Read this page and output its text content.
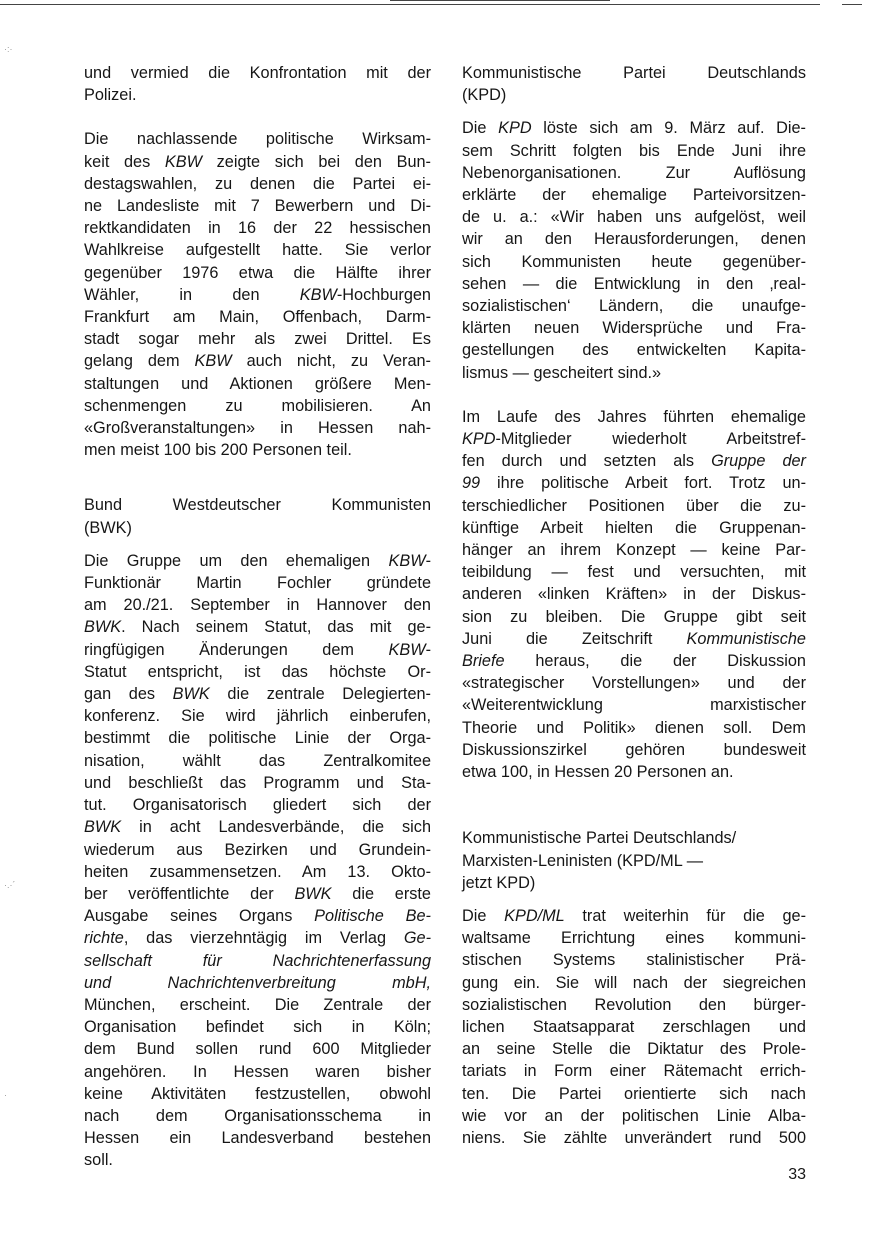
·:·
·.·´
·
und vermied die Konfrontation mit der
Polizei.
Die nachlassende politische Wirksam-
keit des KBW zeigte sich bei den Bun-
destagswahlen, zu denen die Partei ei-
ne Landesliste mit 7 Bewerbern und Di-
rektkandidaten in 16 der 22 hessischen
Wahlkreise aufgestellt hatte. Sie verlor
gegenüber 1976 etwa die Hälfte ihrer
Wähler, in den KBW-Hochburgen
Frankfurt am Main, Offenbach, Darm-
stadt sogar mehr als zwei Drittel. Es
gelang dem KBW auch nicht, zu Veran-
staltungen und Aktionen größere Men-
schenmengen zu mobilisieren. An
«Großveranstaltungen» in Hessen nah-
men meist 100 bis 200 Personen teil.
Bund Westdeutscher Kommunisten
(BWK)
Die Gruppe um den ehemaligen KBW-
Funktionär Martin Fochler gründete
am 20./21. September in Hannover den
BWK. Nach seinem Statut, das mit ge-
ringfügigen Änderungen dem KBW-
Statut entspricht, ist das höchste Or-
gan des BWK die zentrale Delegierten-
konferenz. Sie wird jährlich einberufen,
bestimmt die politische Linie der Orga-
nisation, wählt das Zentralkomitee
und beschließt das Programm und Sta-
tut. Organisatorisch gliedert sich der
BWK in acht Landesverbände, die sich
wiederum aus Bezirken und Grundein-
heiten zusammensetzen. Am 13. Okto-
ber veröffentlichte der BWK die erste
Ausgabe seines Organs Politische Be-
richte, das vierzehntägig im Verlag Ge-
sellschaft für Nachrichtenerfassung
und Nachrichtenverbreitung mbH,
München, erscheint. Die Zentrale der
Organisation befindet sich in Köln;
dem Bund sollen rund 600 Mitglieder
angehören. In Hessen waren bisher
keine Aktivitäten festzustellen, obwohl
nach dem Organisationsschema in
Hessen ein Landesverband bestehen
soll.
Kommunistische Partei Deutschlands
(KPD)
Die KPD löste sich am 9. März auf. Die-
sem Schritt folgten bis Ende Juni ihre
Nebenorganisationen. Zur Auflösung
erklärte der ehemalige Parteivorsitzen-
de u. a.: «Wir haben uns aufgelöst, weil
wir an den Herausforderungen, denen
sich Kommunisten heute gegenüber-
sehen — die Entwicklung in den ‚real-
sozialistischen‘ Ländern, die unaufge-
klärten neuen Widersprüche und Fra-
gestellungen des entwickelten Kapita-
lismus — gescheitert sind.»
Im Laufe des Jahres führten ehemalige
KPD-Mitglieder wiederholt Arbeitstref-
fen durch und setzten als Gruppe der
99 ihre politische Arbeit fort. Trotz un-
terschiedlicher Positionen über die zu-
künftige Arbeit hielten die Gruppenan-
hänger an ihrem Konzept — keine Par-
teibildung — fest und versuchten, mit
anderen «linken Kräften» in der Diskus-
sion zu bleiben. Die Gruppe gibt seit
Juni die Zeitschrift Kommunistische
Briefe heraus, die der Diskussion
«strategischer Vorstellungen» und der
«Weiterentwicklung marxistischer
Theorie und Politik» dienen soll. Dem
Diskussionszirkel gehören bundesweit
etwa 100, in Hessen 20 Personen an.
Kommunistische Partei Deutschlands/
Marxisten-Leninisten (KPD/ML —
jetzt KPD)
Die KPD/ML trat weiterhin für die ge-
waltsame Errichtung eines kommuni-
stischen Systems stalinistischer Prä-
gung ein. Sie will nach der siegreichen
sozialistischen Revolution den bürger-
lichen Staatsapparat zerschlagen und
an seine Stelle die Diktatur des Prole-
tariats in Form einer Rätemacht errich-
ten. Die Partei orientierte sich nach
wie vor an der politischen Linie Alba-
niens. Sie zählte unverändert rund 500
33
